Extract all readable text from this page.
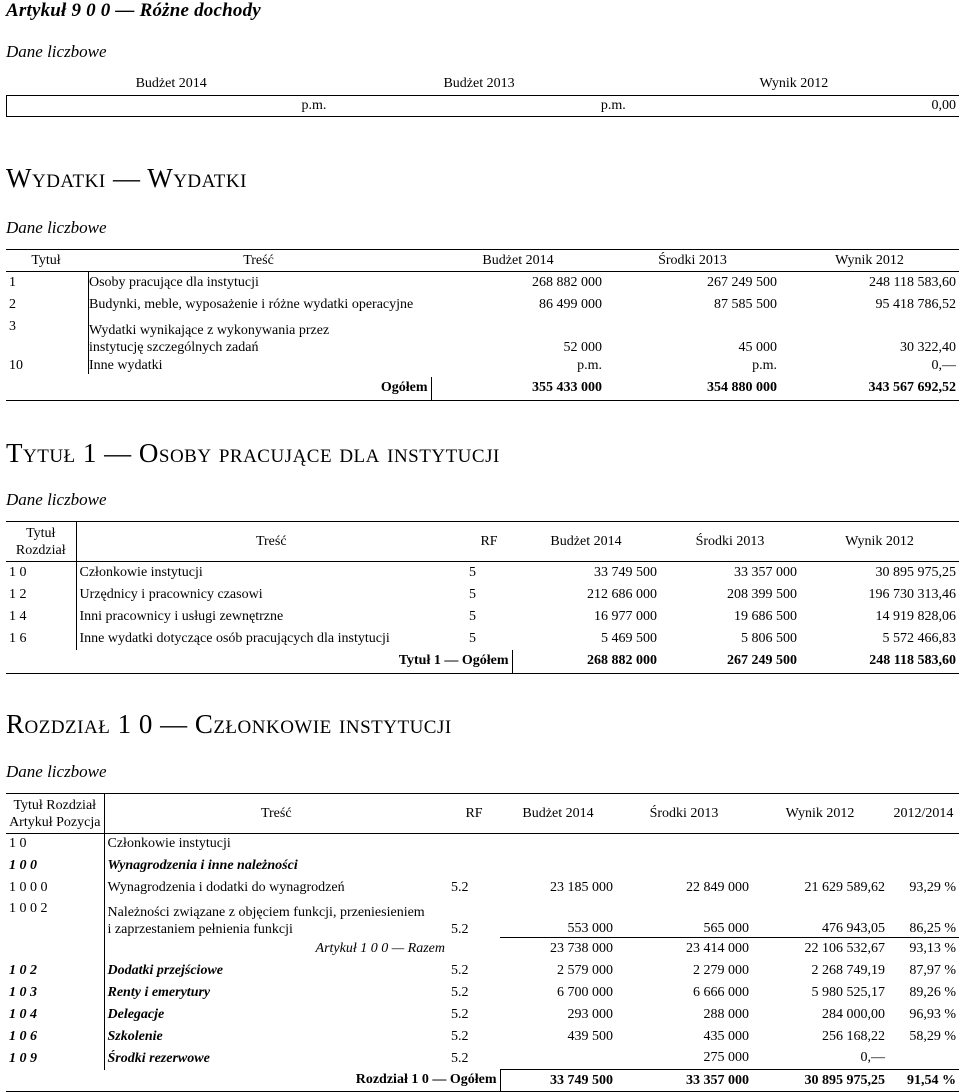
Artykuł 9 0 0 — Różne dochody
Dane liczbowe
	Budżet 2014	Budżet 2013	Wynik 2012
	p.m.	p.m.	0,00
Wydatki — Wydatki
Dane liczbowe
Tytuł	Treść	Budżet 2014	Środki 2013	Wynik 2012
1	Osoby pracujące dla instytucji	268 882 000	267 249 500	248 118 583,60
2	Budynki, meble, wyposażenie i różne wydatki operacyjne	86 499 000	87 585 500	95 418 786,52
3	Wydatki wynikające z wykonywania przez instytucję szczególnych zadań	52 000	45 000	30 322,40
10	Inne wydatki	p.m.	p.m.	0,—
	Ogółem	355 433 000	354 880 000	343 567 692,52
Tytuł 1 — Osoby pracujące dla instytucji
Dane liczbowe
Tytuł
Rozdział	Treść	RF	Budżet 2014	Środki 2013	Wynik 2012
1 0	Członkowie instytucji	5	33 749 500	33 357 000	30 895 975,25
1 2	Urzędnicy i pracownicy czasowi	5	212 686 000	208 399 500	196 730 313,46
1 4	Inni pracownicy i usługi zewnętrzne	5	16 977 000	19 686 500	14 919 828,06
1 6	Inne wydatki dotyczące osób pracujących dla instytucji	5	5 469 500	5 806 500	5 572 466,83
	Tytuł 1 — Ogółem		268 882 000	267 249 500	248 118 583,60
Rozdział 1 0 — Członkowie instytucji
Dane liczbowe
Tytuł Rozdział
Artykuł Pozycja	Treść	RF	Budżet 2014	Środki 2013	Wynik 2012	2012/2014
1 0	Członkowie instytucji					
1 0 0	Wynagrodzenia i inne należności					
1 0 0 0	Wynagrodzenia i dodatki do wynagrodzeń	5.2	23 185 000	22 849 000	21 629 589,62	93,29 %
1 0 0 2	Należności związane z objęciem funkcji, przeniesieniem i zaprzestaniem pełnienia funkcji	5.2	553 000	565 000	476 943,05	86,25 %
	Artykuł 1 0 0 — Razem		23 738 000	23 414 000	22 106 532,67	93,13 %
1 0 2	Dodatki przejściowe	5.2	2 579 000	2 279 000	2 268 749,19	87,97 %
1 0 3	Renty i emerytury	5.2	6 700 000	6 666 000	5 980 525,17	89,26 %
1 0 4	Delegacje	5.2	293 000	288 000	284 000,00	96,93 %
1 0 6	Szkolenie	5.2	439 500	435 000	256 168,22	58,29 %
1 0 9	Środki rezerwowe	5.2		275 000	0,—	
	Rozdział 1 0 — Ogółem		33 749 500	33 357 000	30 895 975,25	91,54 %
